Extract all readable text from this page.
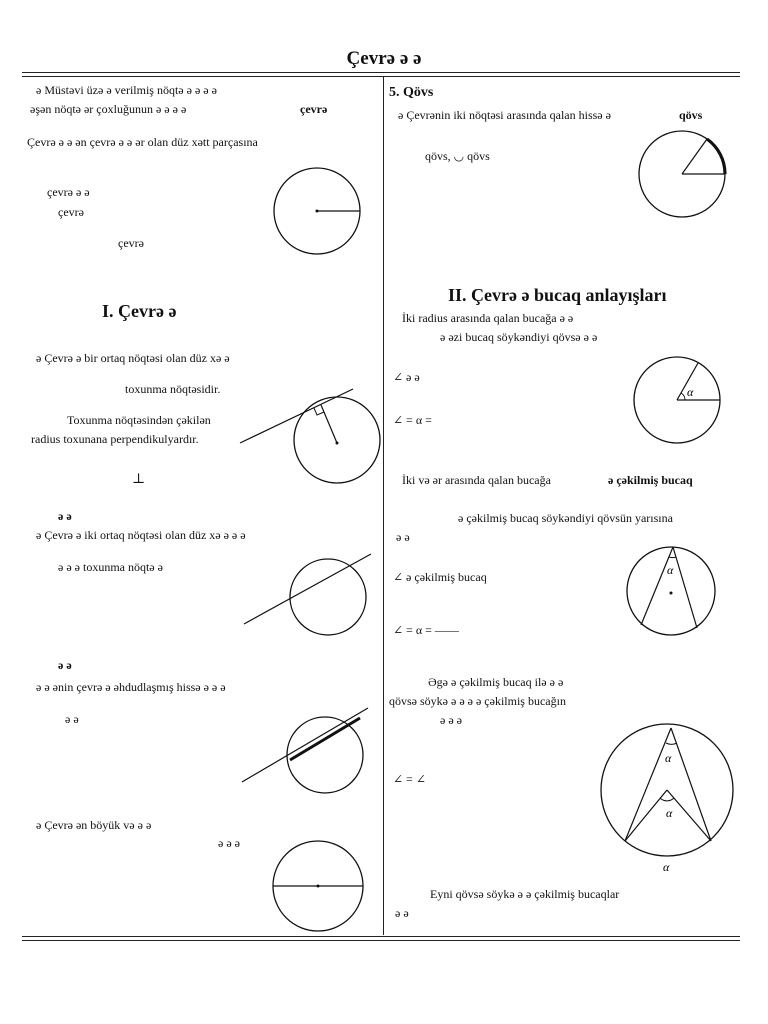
Çevrə ə ə
ə Müstəvi üzə ə verilmiş nöqtə ə ə ə ə
əşən nöqtə ər çoxluğunun ə ə ə ə	çevrə
Çevrə ə ə ən çevrə ə ə ər olan düz xətt parçasına
çevrə ə ə
çevrə
çevrə
I. Çevrə ə
ə Çevrə ə bir ortaq nöqtəsi olan düz xə ə
toxunma nöqtəsidir.
Toxunma nöqtəsindən çəkilən
radius toxunana perpendikulyardır.
⊥
ə ə
ə Çevrə ə iki ortaq nöqtəsi olan düz xə ə ə ə
ə ə ə toxunma nöqtə ə
ə ə
ə ə ənin çevrə ə əhdudlaşmış hissə ə ə ə
ə ə
ə Çevrə ən böyük və ə ə
ə ə ə
5. Qövs
ə Çevrənin iki nöqtəsi arasında qalan hissə ə	qövs
qövs, ◡ qövs
II. Çevrə ə bucaq anlayışları
İki radius arasında qalan bucağa ə ə
ə əzi bucaq söykəndiyi qövsə ə ə
∠ ə ə
∠ = α =
α
İki və ər arasında qalan bucağa	ə çəkilmiş bucaq
ə çəkilmiş bucaq söykəndiyi qövsün yarısına
ə ə
∠ ə çəkilmiş bucaq
∠ = α = ——
α
Əgə ə çəkilmiş bucaq ilə ə ə
qövsə söykə ə ə ə ə çəkilmiş bucağın
ə ə ə
∠ = ∠
α
α
α
Eyni qövsə söykə ə ə çəkilmiş bucaqlar
ə ə
